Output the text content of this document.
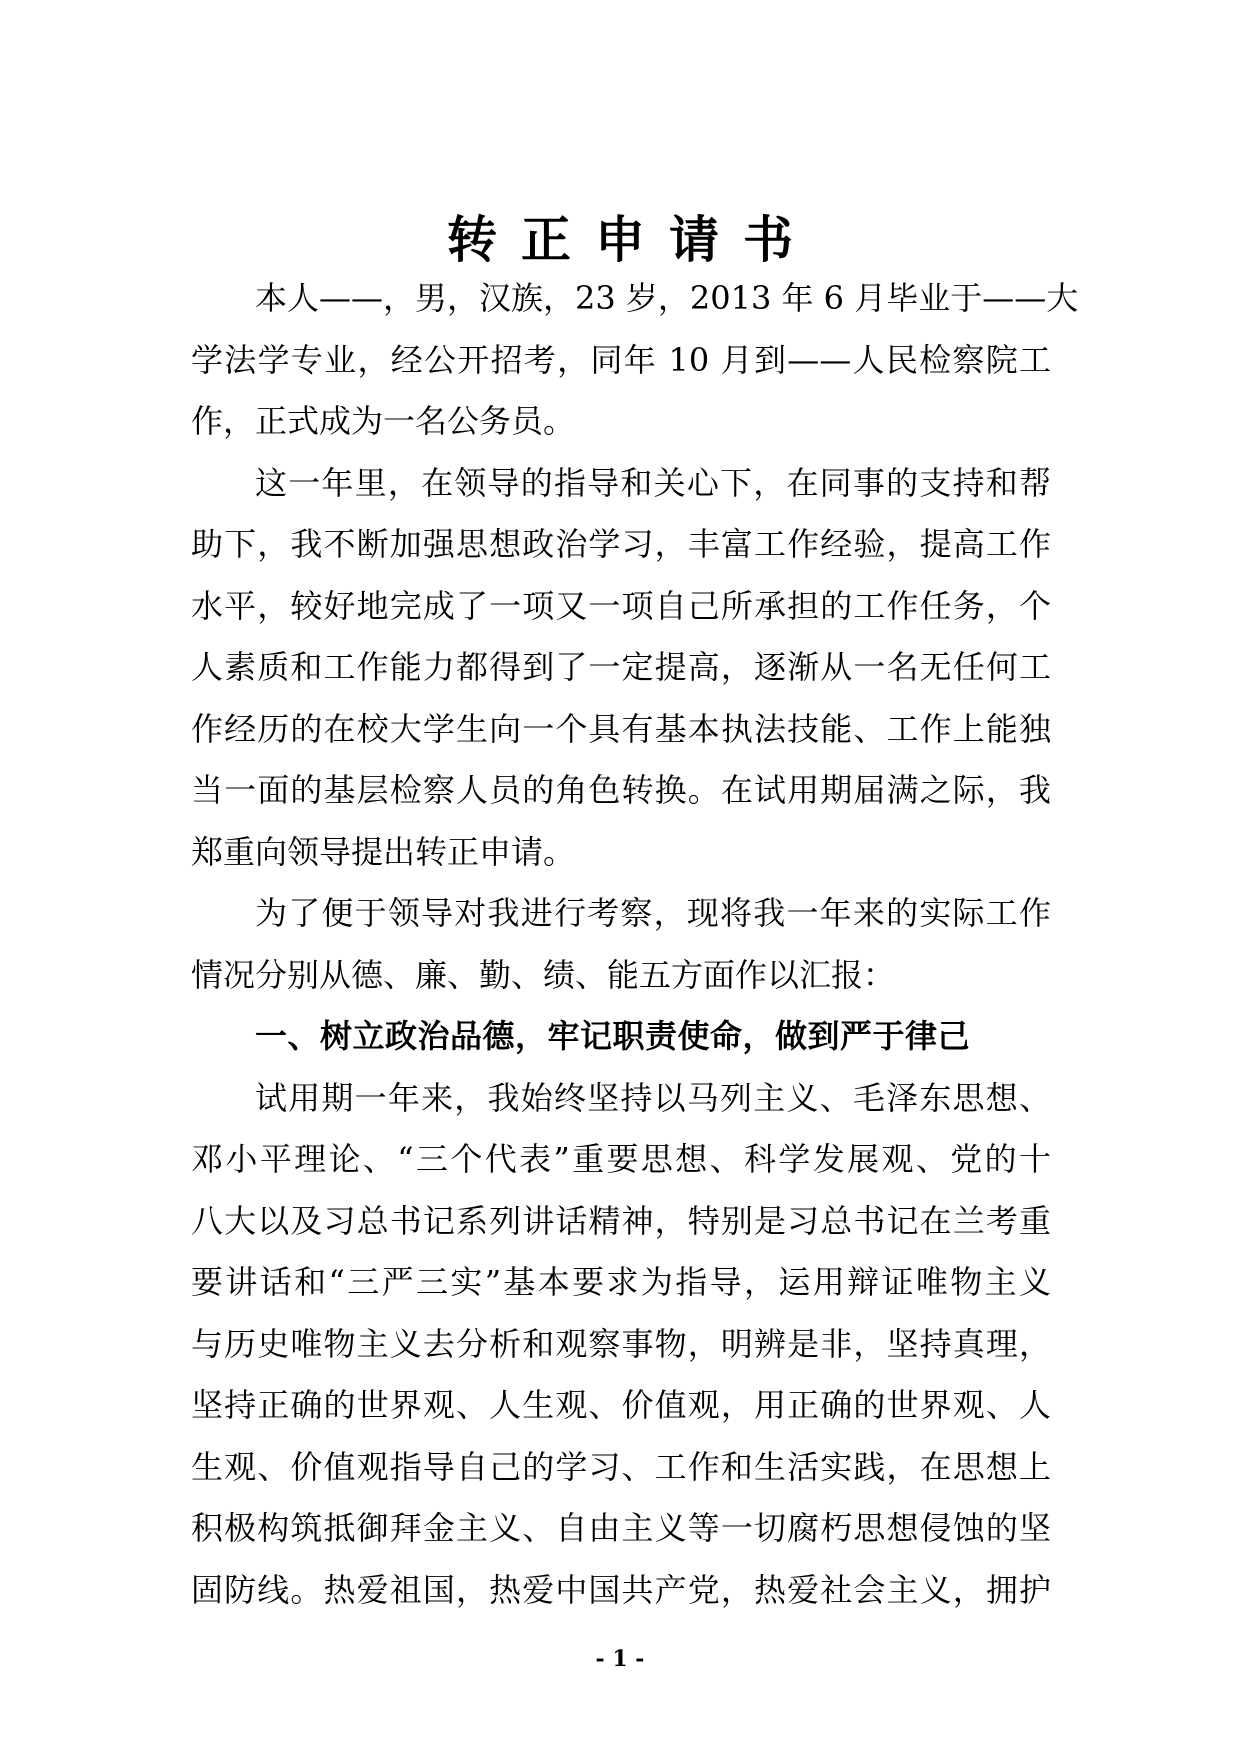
转正申请书
本人——，男，汉族，23 岁，2013 年 6 月毕业于——大
学法学专业，经公开招考，同年 10 月到——人民检察院工
作，正式成为一名公务员。
这一年里，在领导的指导和关心下，在同事的支持和帮
助下，我不断加强思想政治学习，丰富工作经验，提高工作
水平，较好地完成了一项又一项自己所承担的工作任务，个
人素质和工作能力都得到了一定提高，逐渐从一名无任何工
作经历的在校大学生向一个具有基本执法技能、工作上能独
当一面的基层检察人员的角色转换。在试用期届满之际，我
郑重向领导提出转正申请。
为了便于领导对我进行考察，现将我一年来的实际工作
情况分别从德、廉、勤、绩、能五方面作以汇报：
一、树立政治品德，牢记职责使命，做到严于律己
试用期一年来，我始终坚持以马列主义、毛泽东思想、
邓小平理论、“三个代表”重要思想、科学发展观、党的十
八大以及习总书记系列讲话精神，特别是习总书记在兰考重
要讲话和“三严三实”基本要求为指导，运用辩证唯物主义
与历史唯物主义去分析和观察事物，明辨是非，坚持真理，
坚持正确的世界观、人生观、价值观，用正确的世界观、人
生观、价值观指导自己的学习、工作和生活实践，在思想上
积极构筑抵御拜金主义、自由主义等一切腐朽思想侵蚀的坚
固防线。热爱祖国，热爱中国共产党，热爱社会主义，拥护
- 1 -
